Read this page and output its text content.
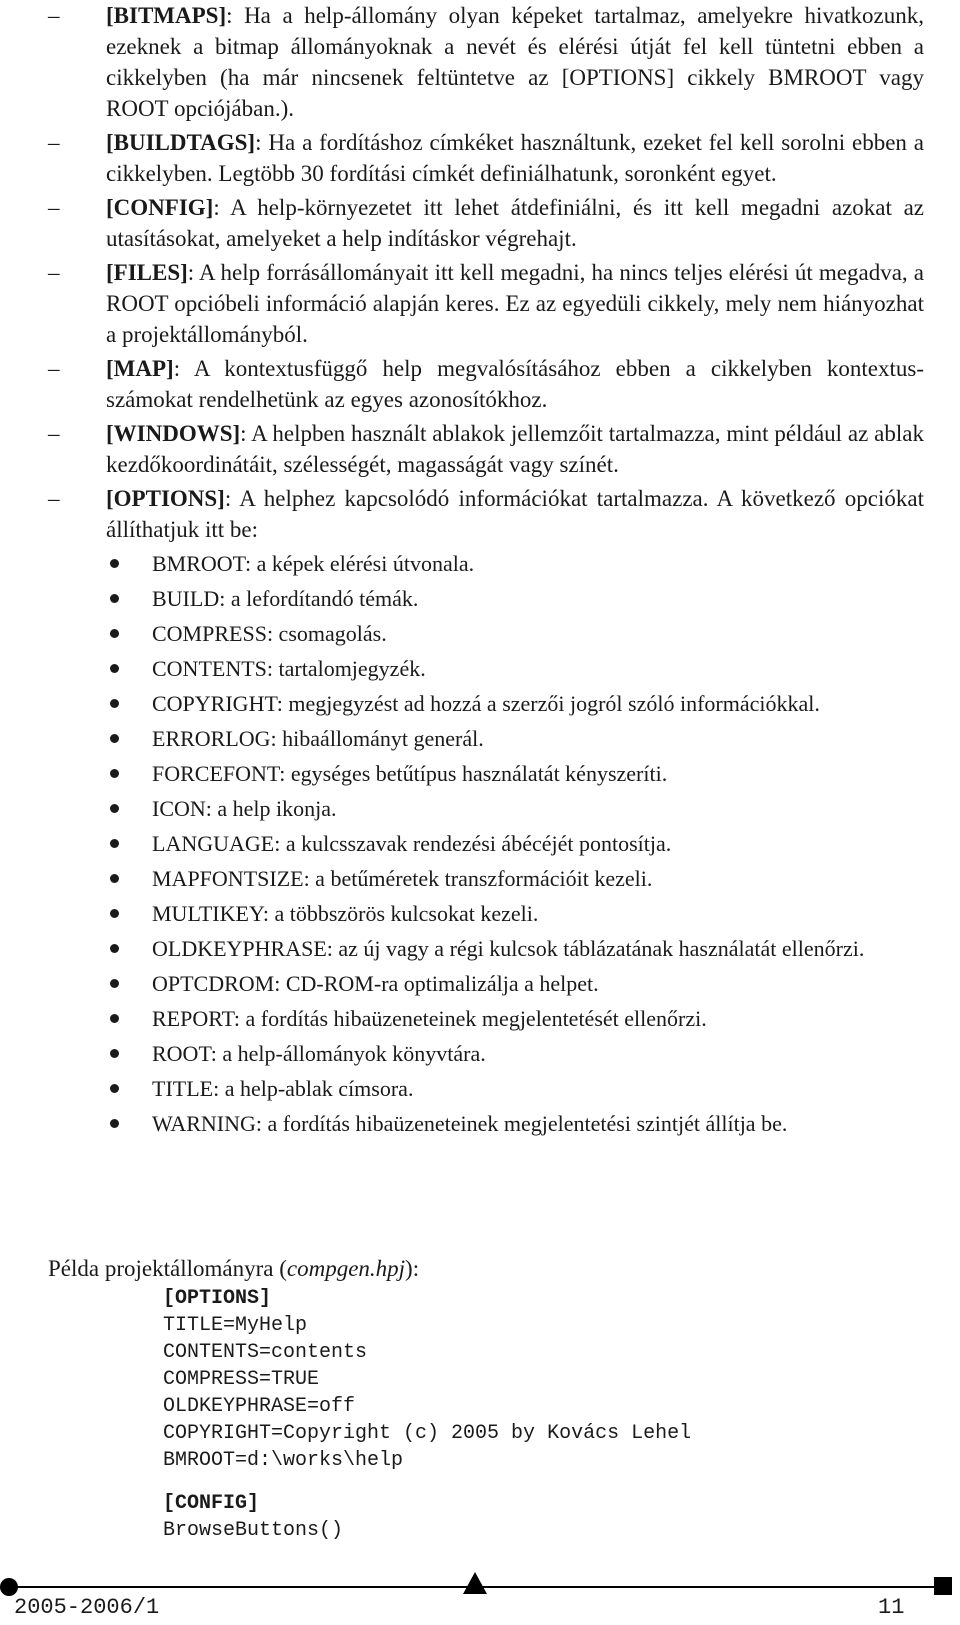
–
[BITMAPS]: Ha a help-állomány olyan képeket tartalmaz, amelyekre hivatkozunk, ezeknek a bitmap állományoknak a nevét és elérési útját fel kell tüntetni ebben a cikkelyben (ha már nincsenek feltüntetve az [OPTIONS] cikkely BMROOT vagy ROOT opciójában.).
–
[BUILDTAGS]: Ha a fordításhoz címkéket használtunk, ezeket fel kell sorolni ebben a cikkelyben. Legtöbb 30 fordítási címkét definiálhatunk, soronként egyet.
–
[CONFIG]: A help-környezetet itt lehet átdefiniálni, és itt kell megadni azokat az utasításokat, amelyeket a help indításkor végrehajt.
–
[FILES]: A help forrásállományait itt kell megadni, ha nincs teljes elérési út megadva, a ROOT opcióbeli információ alapján keres. Ez az egyedüli cikkely, mely nem hiányozhat a projektállományból.
–
[MAP]: A kontextusfüggő help megvalósításához ebben a cikkelyben kontextus-számokat rendelhetünk az egyes azonosítókhoz.
–
[WINDOWS]: A helpben használt ablakok jellemzőit tartalmazza, mint például az ablak kezdőkoordinátáit, szélességét, magasságát vagy színét.
–
[OPTIONS]: A helphez kapcsolódó információkat tartalmazza. A következő opciókat állíthatjuk itt be:
BMROOT: a képek elérési útvonala.
BUILD: a lefordítandó témák.
COMPRESS: csomagolás.
CONTENTS: tartalomjegyzék.
COPYRIGHT: megjegyzést ad hozzá a szerzői jogról szóló információkkal.
ERRORLOG: hibaállományt generál.
FORCEFONT: egységes betűtípus használatát kényszeríti.
ICON: a help ikonja.
LANGUAGE: a kulcsszavak rendezési ábécéjét pontosítja.
MAPFONTSIZE: a betűméretek transzformációit kezeli.
MULTIKEY: a többszörös kulcsokat kezeli.
OLDKEYPHRASE: az új vagy a régi kulcsok táblázatának használatát ellenőrzi.
OPTCDROM: CD-ROM-ra optimalizálja a helpet.
REPORT: a fordítás hibaüzeneteinek megjelentetését ellenőrzi.
ROOT: a help-állományok könyvtára.
TITLE: a help-ablak címsora.
WARNING: a fordítás hibaüzeneteinek megjelentetési szintjét állítja be.
Példa projektállományra (compgen.hpj):
[OPTIONS]
TITLE=MyHelp
CONTENTS=contents
COMPRESS=TRUE
OLDKEYPHRASE=off
COPYRIGHT=Copyright (c) 2005 by Kovács Lehel
BMROOT=d:\works\help
[CONFIG]
BrowseButtons()
2005-2006/1	11
